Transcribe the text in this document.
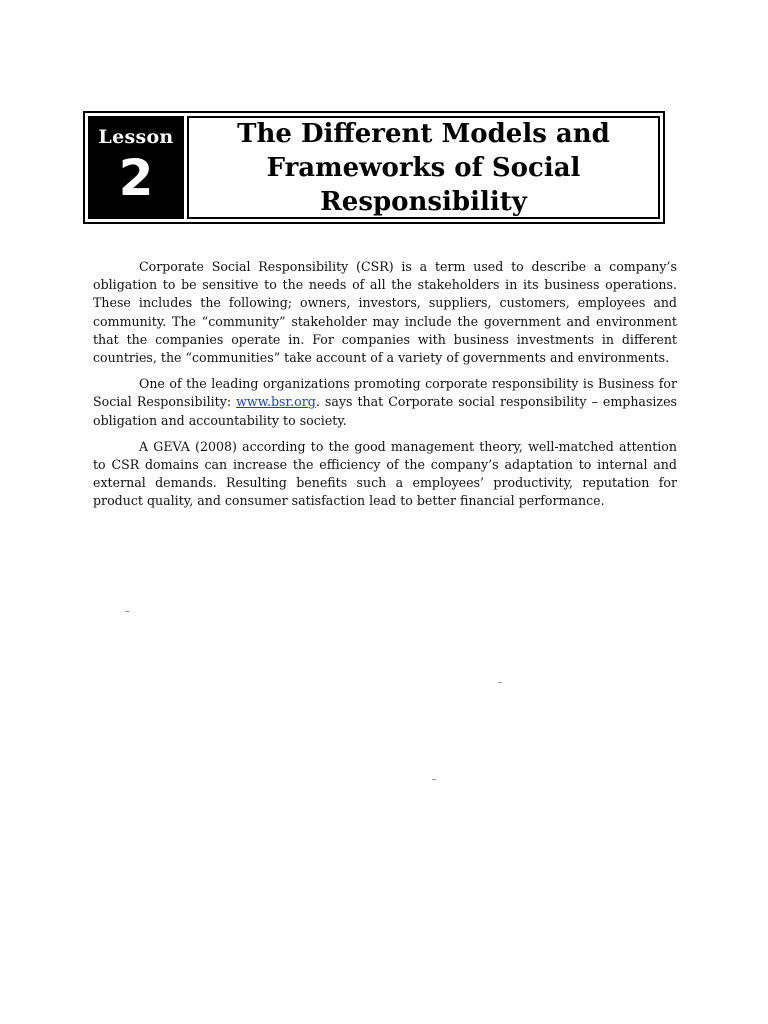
Lesson
2
The Different Models and Frameworks of Social Responsibility

Corporate Social Responsibility (CSR) is a term used to describe a company’s obligation to be sensitive to the needs of all the stakeholders in its business operations. These includes the following; owners, investors, suppliers, customers, employees and community. The “community” stakeholder may include the government and environment that the companies operate in. For companies with business investments in different countries, the “communities” take account of a variety of governments and environments.

One of the leading organizations promoting corporate responsibility is Business for Social Responsibility: www.bsr.org. says that Corporate social responsibility – emphasizes obligation and accountability to society.

A GEVA (2008) according to the good management theory, well-matched attention to CSR domains can increase the efficiency of the company’s adaptation to internal and external demands. Resulting benefits such a employees’ productivity, reputation for product quality, and consumer satisfaction lead to better financial performance.
